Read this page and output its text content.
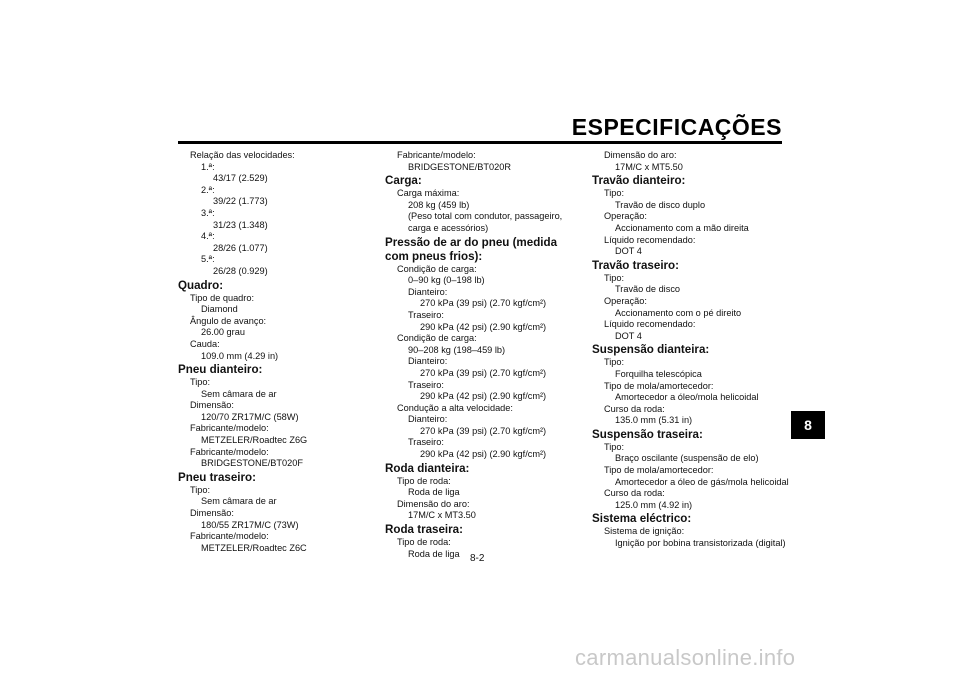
ESPECIFICAÇÕES
Relação das velocidades:
1.ª:
43/17 (2.529)
2.ª:
39/22 (1.773)
3.ª:
31/23 (1.348)
4.ª:
28/26 (1.077)
5.ª:
26/28 (0.929)
Quadro:
Tipo de quadro:
Diamond
Ângulo de avanço:
26.00 grau
Cauda:
109.0 mm (4.29 in)
Pneu dianteiro:
Tipo:
Sem câmara de ar
Dimensão:
120/70 ZR17M/C (58W)
Fabricante/modelo:
METZELER/Roadtec Z6G
Fabricante/modelo:
BRIDGESTONE/BT020F
Pneu traseiro:
Tipo:
Sem câmara de ar
Dimensão:
180/55 ZR17M/C (73W)
Fabricante/modelo:
METZELER/Roadtec Z6C
Fabricante/modelo:
BRIDGESTONE/BT020R
Carga:
Carga máxima:
208 kg (459 lb)
(Peso total com condutor, passageiro,
carga e acessórios)
Pressão de ar do pneu (medida com pneus frios):
Condição de carga:
0–90 kg (0–198 lb)
Dianteiro:
270 kPa (39 psi) (2.70 kgf/cm²)
Traseiro:
290 kPa (42 psi) (2.90 kgf/cm²)
Condição de carga:
90–208 kg (198–459 lb)
Dianteiro:
270 kPa (39 psi) (2.70 kgf/cm²)
Traseiro:
290 kPa (42 psi) (2.90 kgf/cm²)
Condução a alta velocidade:
Dianteiro:
270 kPa (39 psi) (2.70 kgf/cm²)
Traseiro:
290 kPa (42 psi) (2.90 kgf/cm²)
Roda dianteira:
Tipo de roda:
Roda de liga
Dimensão do aro:
17M/C x MT3.50
Roda traseira:
Tipo de roda:
Roda de liga
Dimensão do aro:
17M/C x MT5.50
Travão dianteiro:
Tipo:
Travão de disco duplo
Operação:
Accionamento com a mão direita
Líquido recomendado:
DOT 4
Travão traseiro:
Tipo:
Travão de disco
Operação:
Accionamento com o pé direito
Líquido recomendado:
DOT 4
Suspensão dianteira:
Tipo:
Forquilha telescópica
Tipo de mola/amortecedor:
Amortecedor a óleo/mola helicoidal
Curso da roda:
135.0 mm (5.31 in)
Suspensão traseira:
Tipo:
Braço oscilante (suspensão de elo)
Tipo de mola/amortecedor:
Amortecedor a óleo de gás/mola helicoidal
Curso da roda:
125.0 mm (4.92 in)
Sistema eléctrico:
Sistema de ignição:
Ignição por bobina transistorizada (digital)
8
8-2
carmanualsonline.info
